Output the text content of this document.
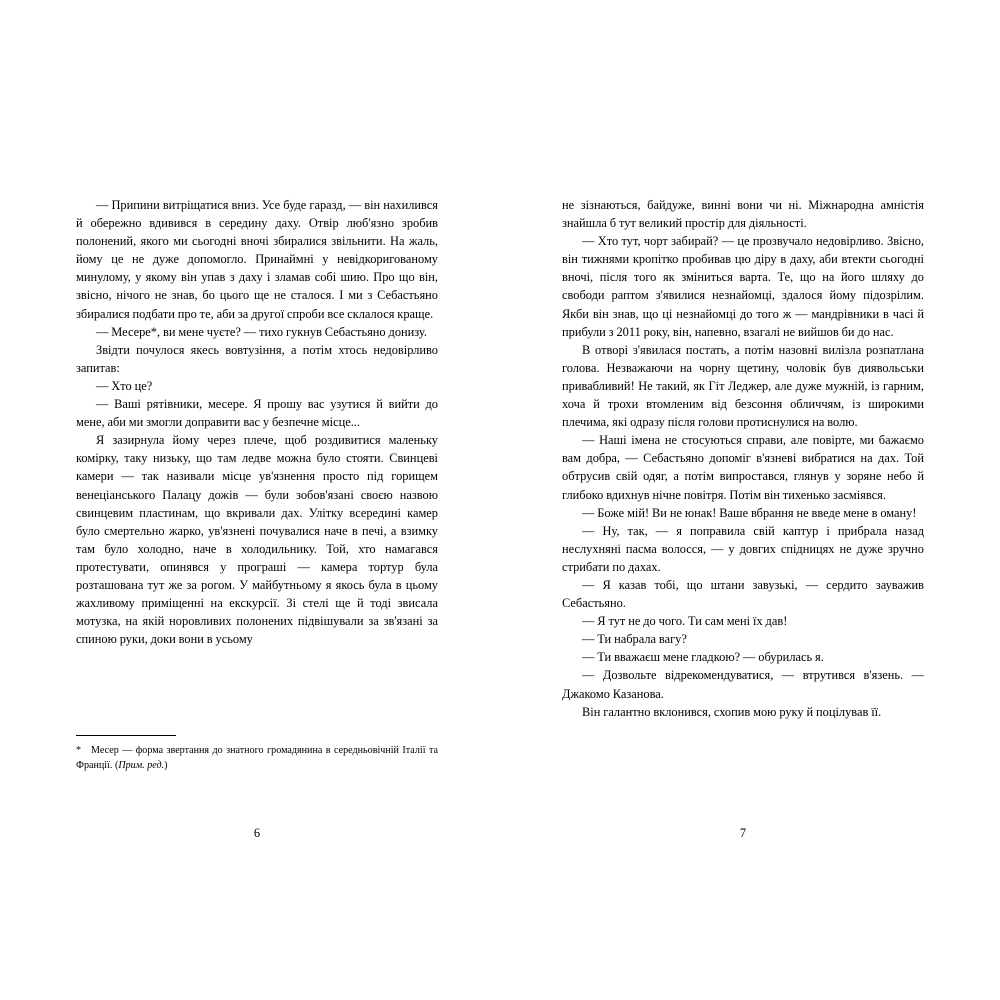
— Припини витріщатися вниз. Усе буде гаразд, — він нахилився й обережно вдивився в середину даху. Отвір люб'язно зробив полонений, якого ми сьогодні вночі збиралися звільнити. На жаль, йому це не дуже допомогло. Принаймні у невідкоригованому минулому, у якому він упав з даху і зламав собі шию. Про що він, звісно, нічого не знав, бо цього ще не сталося. І ми з Себастьяно збиралися подбати про те, аби за другої спроби все склалося краще.

— Месере*, ви мене чуєте? — тихо гукнув Себастьяно донизу.

Звідти почулося якесь вовтузіння, а потім хтось недовірливо запитав:

— Хто це?

— Ваші рятівники, месере. Я прошу вас узутися й вийти до мене, аби ми змогли доправити вас у безпечне місце...

Я зазирнула йому через плече, щоб роздивитися маленьку комірку, таку низьку, що там ледве можна було стояти. Свинцеві камери — так називали місце ув'язнення просто під горищем венеціанського Палацу дожів — були зобов'язані своєю назвою свинцевим пластинам, що вкривали дах. Улітку всередині камер було смертельно жарко, ув'язнені почувалися наче в печі, а взимку там було холодно, наче в холодильнику. Той, хто намагався протестувати, опинявся у програші — камера тортур була розташована тут же за рогом. У майбутньому я якось була в цьому жахливому приміщенні на екскурсії. Зі стелі ще й тоді звисала мотузка, на якій норовливих полонених підвішували за зв'язані за спиною руки, доки вони в усьому

* Месер — форма звертання до знатного громадянина в середньовічній Італії та Франції. (Прим. ред.)

6

не зізнаються, байдуже, винні вони чи ні. Міжнародна амністія знайшла б тут великий простір для діяльності.

— Хто тут, чорт забирай? — це прозвучало недовірливо. Звісно, він тижнями кропітко пробивав цю діру в даху, аби втекти сьогодні вночі, після того як зміниться варта. Те, що на його шляху до свободи раптом з'явилися незнайомці, здалося йому підозрілим. Якби він знав, що ці незнайомці до того ж — мандрівники в часі й прибули з 2011 року, він, напевно, взагалі не вийшов би до нас.

В отворі з'явилася постать, а потім назовні вилізла розпатлана голова. Незважаючи на чорну щетину, чоловік був диявольськи привабливий! Не такий, як Гіт Леджер, але дуже мужній, із гарним, хоча й трохи втомленим від безсоння обличчям, із широкими плечима, які одразу після голови протиснулися на волю.

— Наші імена не стосуються справи, але повірте, ми бажаємо вам добра, — Себастьяно допоміг в'язневі вибратися на дах. Той обтрусив свій одяг, а потім випростався, глянув у зоряне небо й глибоко вдихнув нічне повітря. Потім він тихенько засміявся.

— Боже мій! Ви не юнак! Ваше вбрання не введе мене в оману!

— Ну, так, — я поправила свій каптур і прибрала назад неслухняні пасма волосся, — у довгих спідницях не дуже зручно стрибати по дахах.

— Я казав тобі, що штани завузькі, — сердито зауважив Себастьяно.

— Я тут не до чого. Ти сам мені їх дав!

— Ти набрала вагу?

— Ти вважаєш мене гладкою? — обурилась я.

— Дозвольте відрекомендуватися, — втрутився в'язень. — Джакомо Казанова.

Він галантно вклонився, схопив мою руку й поцілував її.

7
